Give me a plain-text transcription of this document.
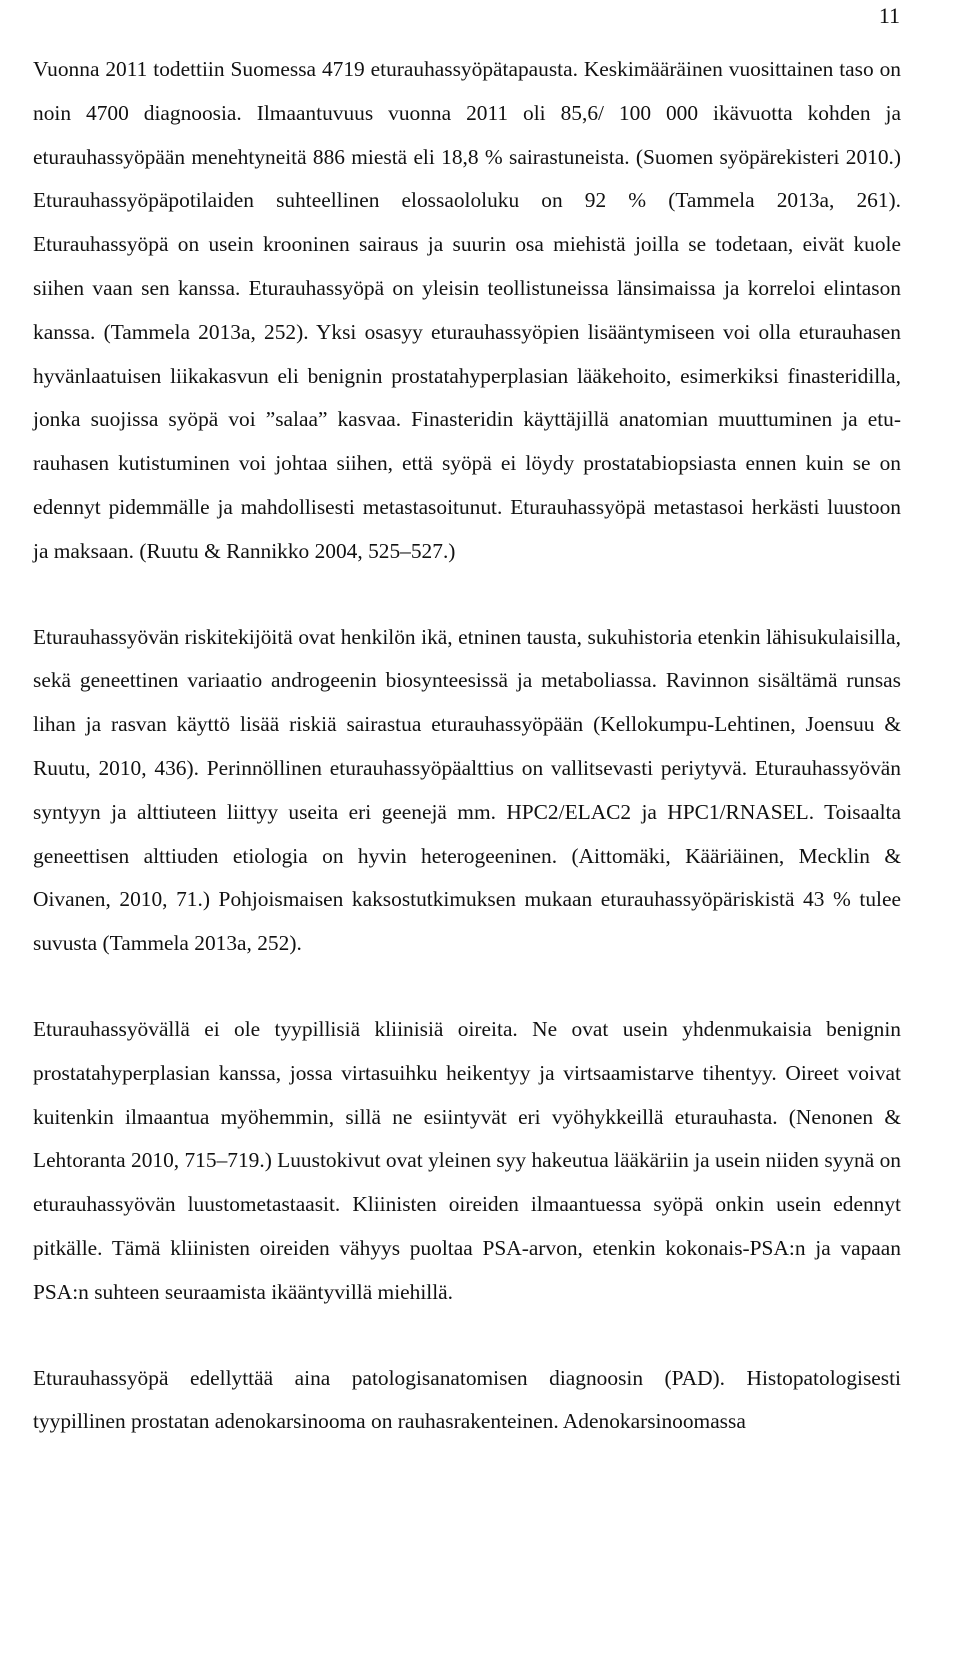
11

Vuonna 2011 todettiin Suomessa 4719 eturauhassyöpätapausta. Keskimääräinen vuosittainen taso on noin 4700 diagnoosia. Ilmaantuvuus vuonna 2011 oli 85,6/ 100 000 ikävuotta kohden ja eturauhassyöpään menehtyneitä 886 miestä eli 18,8 % sairastuneista. (Suomen syöpärekisteri 2010.) Eturauhassyöpäpotilaiden suhteellinen elossaololuku on 92 % (Tammela 2013a, 261). Eturauhassyöpä on usein krooninen sairaus ja suurin osa miehistä joilla se todetaan, eivät kuole siihen vaan sen kanssa. Eturauhassyöpä on yleisin teollistuneissa länsimaissa ja korreloi elintason kanssa. (Tammela 2013a, 252). Yksi osasyy eturauhassyöpien lisääntymiseen voi olla eturauhasen hyvänlaatuisen liikakasvun eli benignin prostatahyperplasian lääkehoito, esimerkiksi finasteridilla, jonka suojissa syöpä voi ”salaa” kasvaa. Finasteridin käyttäjillä anatomian muuttuminen ja eturauhasen kutistuminen voi johtaa siihen, että syöpä ei löydy prostatabiopsiasta ennen kuin se on edennyt pidemmälle ja mahdollisesti metastasoitunut. Eturauhassyöpä metastasoi herkästi luustoon ja maksaan. (Ruutu & Rannikko 2004, 525–527.)

Eturauhassyövän riskitekijöitä ovat henkilön ikä, etninen tausta, sukuhistoria etenkin lähisukulaisilla, sekä geneettinen variaatio androgeenin biosynteesissä ja metaboliassa. Ravinnon sisältämä runsas lihan ja rasvan käyttö lisää riskiä sairastua eturauhassyöpään (Kellokumpu-Lehtinen, Joensuu & Ruutu, 2010, 436). Perinnöllinen eturauhassyöpäalttius on vallitsevasti periytyvä. Eturauhassyövän syntyyn ja alttiuteen liittyy useita eri geenejä mm. HPC2/ELAC2 ja HPC1/RNASEL. Toisaalta geneettisen alttiuden etiologia on hyvin heterogeeninen. (Aittomäki, Kääriäinen, Mecklin & Oivanen, 2010, 71.) Pohjoismaisen kaksostutkimuksen mukaan eturauhassyöpäriskistä 43 % tulee suvusta (Tammela 2013a, 252).

Eturauhassyövällä ei ole tyypillisiä kliinisiä oireita. Ne ovat usein yhdenmukaisia benignin prostatahyperplasian kanssa, jossa virtasuihku heikentyy ja virtsaamistarve tihentyy. Oireet voivat kuitenkin ilmaantua myöhemmin, sillä ne esiintyvät eri vyöhykkeillä eturauhasta. (Nenonen & Lehtoranta 2010, 715–719.) Luustokivut ovat yleinen syy hakeutua lääkäriin ja usein niiden syynä on eturauhassyövän luustometastaasit. Kliinisten oireiden ilmaantuessa syöpä onkin usein edennyt pitkälle. Tämä kliinisten oireiden vähyys puoltaa PSA-arvon, etenkin kokonais-PSA:n ja vapaan PSA:n suhteen seuraamista ikääntyvillä miehillä.

Eturauhassyöpä edellyttää aina patologisanatomisen diagnoosin (PAD). Histopatologisesti tyypillinen prostatan adenokarsinooma on rauhasrakenteinen. Adenokarsinoomassa
